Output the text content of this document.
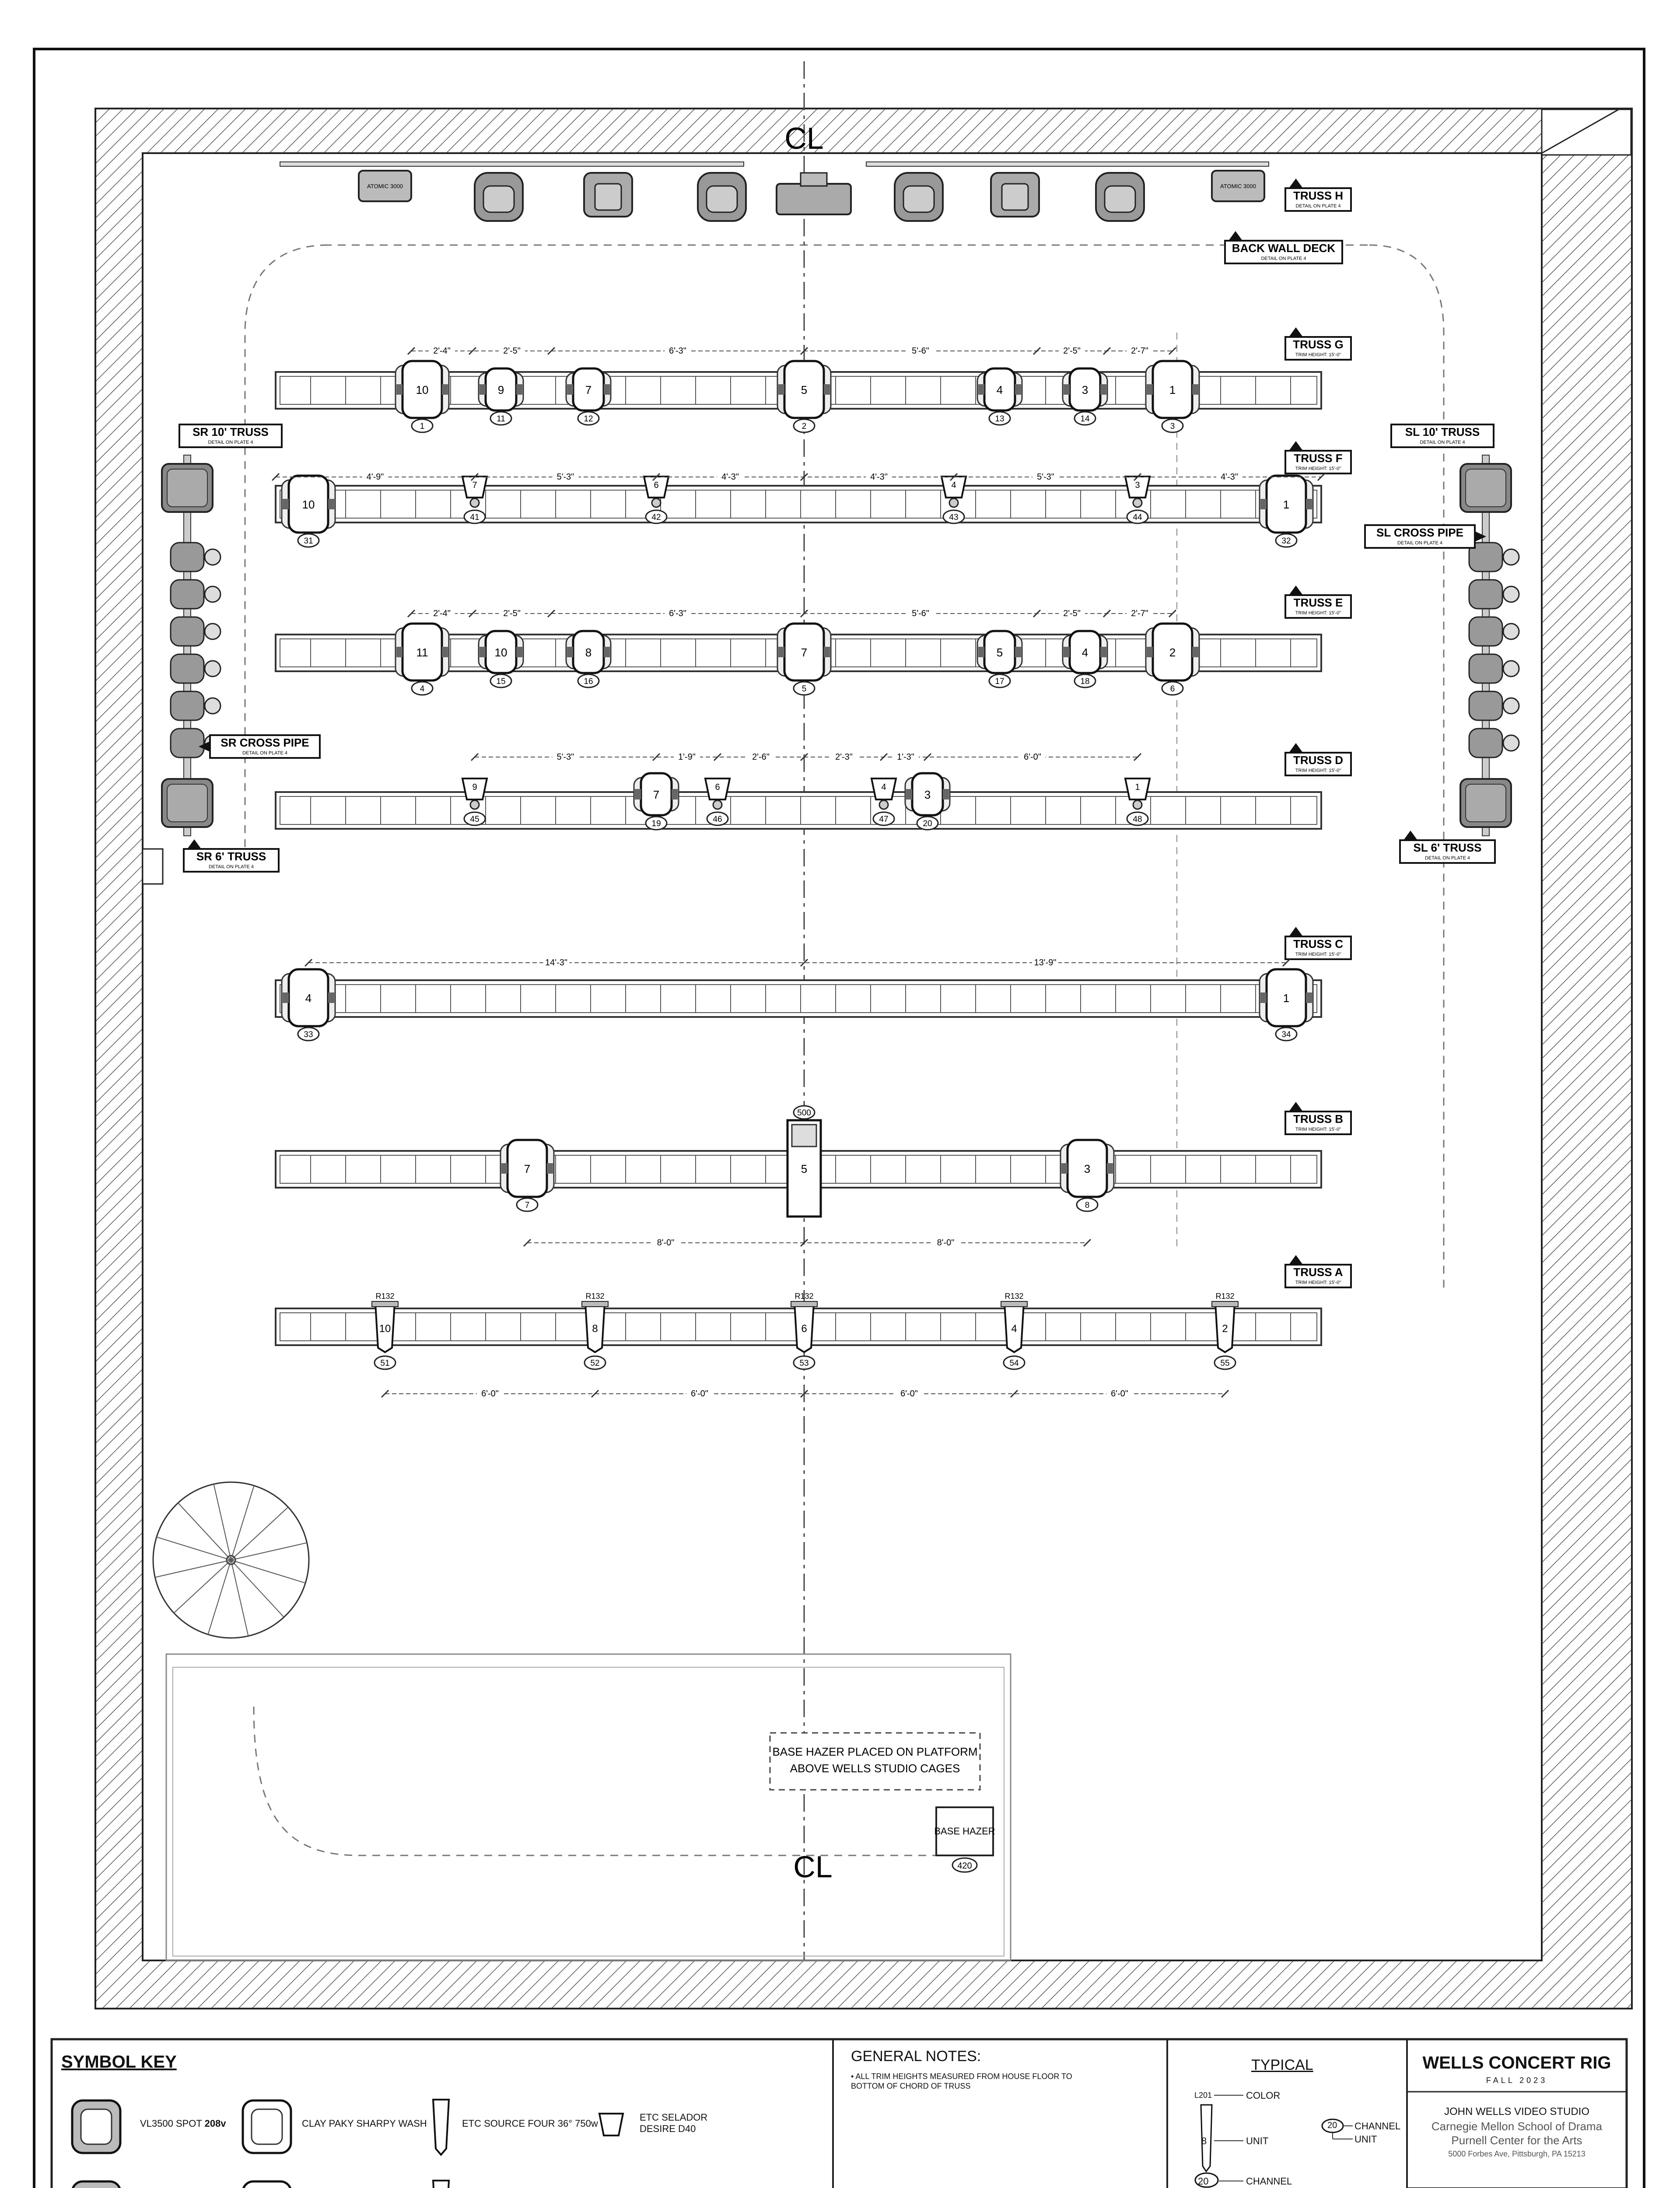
CL
CL
BASE HAZER PLACED ON PLATFORM
ABOVE WELLS STUDIO CAGES
BASE HAZER
420
ATOMIC 3000	ATOMIC 3000
TRUSS H
DETAIL ON PLATE 4
TRUSS G
TRIM HEIGHT: 15'-0"
TRUSS F
TRIM HEIGHT: 15'-0"
TRUSS E
TRIM HEIGHT: 15'-0"
TRUSS D
TRIM HEIGHT: 15'-0"
TRUSS C
TRIM HEIGHT: 15'-0"
TRUSS B
TRIM HEIGHT: 15'-0"
TRUSS A
TRIM HEIGHT: 15'-0"
BACK WALL DECK
DETAIL ON PLATE 4
SR 10' TRUSS
DETAIL ON PLATE 4
SR CROSS PIPE
DETAIL ON PLATE 4
SR 6' TRUSS
DETAIL ON PLATE 4
SL 10' TRUSS
DETAIL ON PLATE 4
SL CROSS PIPE
DETAIL ON PLATE 4
SL 6' TRUSS
DETAIL ON PLATE 4
10
1
9
11
7
12
5
2
4
13
3
14
1
3
10
31
7
41
6
42
4
43
3
44
1
32
11
4
10
15
8
16
7
5
5
17
4
18
2
6
9
45
7
19
6
46
4
47
3
20
1
48
4
33
1
34
7
7
3
8
5
500
R132
10
51
R132
8
52
R132
6
53
R132
4
54
R132
2
55
2'-4"	2'-5"	6'-3"	5'-6"	2'-5"	2'-7"
4'-9"	5'-3"	4'-3"	4'-3"	5'-3"	4'-3"
2'-4"	2'-5"	6'-3"	5'-6"	2'-5"	2'-7"
5'-3"	1'-9"	2'-6"	2'-3"	1'-3"	6'-0"
14'-3"	13'-9"
8'-0"	8'-0"
6'-0"	6'-0"	6'-0"	6'-0"
SYMBOL KEY
VL3500 SPOT 208v	CLAY PAKY SHARPY WASH	ETC SOURCE FOUR 36° 750w
ETC SELADOR DESIRE D40
GENERAL NOTES:
• ALL TRIM HEIGHTS MEASURED FROM HOUSE FLOOR TO BOTTOM OF CHORD OF TRUSS
TYPICAL
L201	COLOR
8	UNIT
20	CHANNEL
20 CHANNEL
UNIT
WELLS CONCERT RIG
FALL 2023
JOHN WELLS VIDEO STUDIO
Carnegie Mellon School of Drama
Purnell Center for the Arts
5000 Forbes Ave, Pittsburgh, PA 15213
